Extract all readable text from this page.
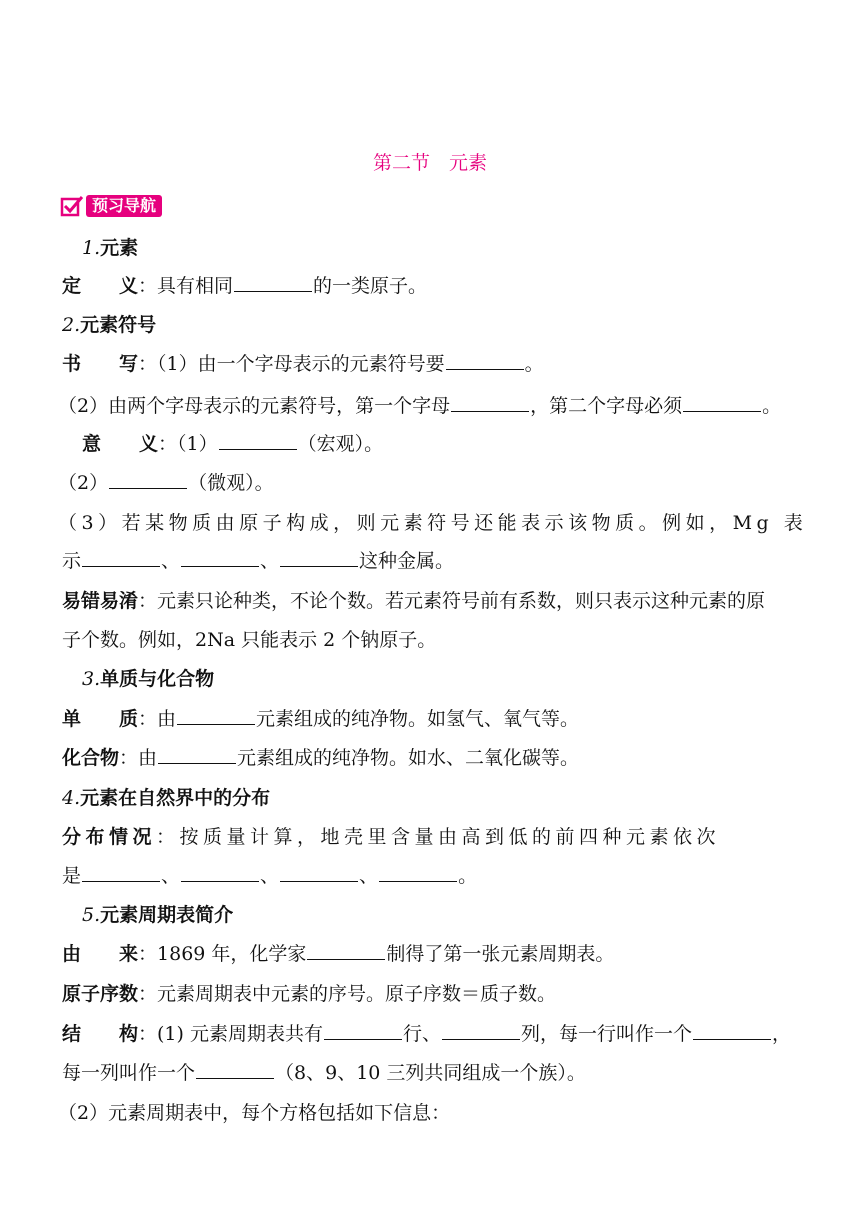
第二节　元素
预习导航
1.元素
定　　义：具有相同	的一类原子。
2.元素符号
书　　写：（1）由一个字母表示的元素符号要	。
（2）由两个字母表示的元素符号，第一个字母	，第二个字母必须	。
意　　义：（1）	（宏观）。
（2）	（微观）。
（3）若某物质由原子构成，则元素符号还能表示该物质。例如，Mg 表
示	、	、	这种金属。
易错易淆：元素只论种类，不论个数。若元素符号前有系数，则只表示这种元素的原
子个数。例如，2Na 只能表示 2 个钠原子。
3.单质与化合物
单　　质：由	元素组成的纯净物。如氢气、氧气等。
化合物：由	元素组成的纯净物。如水、二氧化碳等。
4.元素在自然界中的分布
分布情况：按质量计算，地壳里含量由高到低的前四种元素依次
是	、	、	、	。
5.元素周期表简介
由　　来：1869 年，化学家	制得了第一张元素周期表。
原子序数：元素周期表中元素的序号。原子序数＝质子数。
结　　构：(1) 元素周期表共有	行、	列，每一行叫作一个	，
每一列叫作一个	（8、9、10 三列共同组成一个族）。
（2）元素周期表中，每个方格包括如下信息：
